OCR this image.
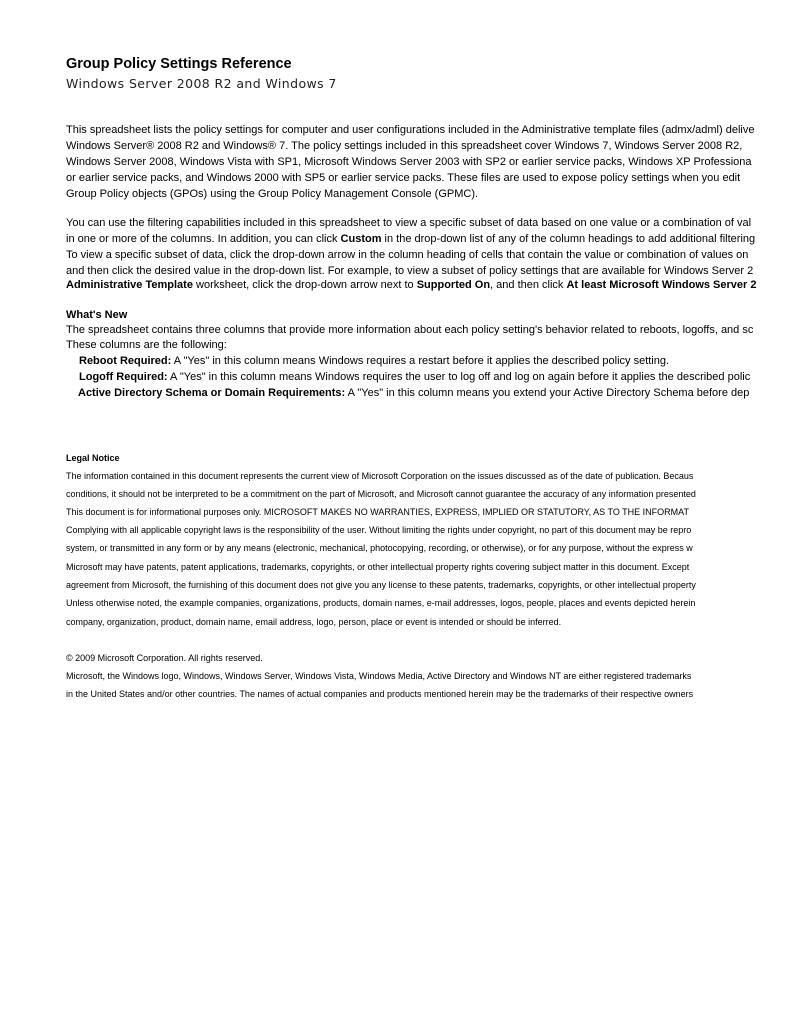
Group Policy Settings Reference
Windows Server 2008 R2 and Windows 7
This spreadsheet lists the policy settings for computer and user configurations included in the Administrative template files (admx/adml) delive
Windows Server® 2008 R2 and Windows® 7. The policy settings included in this spreadsheet cover Windows 7, Windows Server 2008 R2,
Windows Server 2008, Windows Vista with SP1, Microsoft Windows Server 2003 with SP2 or earlier service packs, Windows XP Professiona
or earlier service packs, and Windows 2000 with SP5 or earlier service packs. These files are used to expose policy settings when you edit
Group Policy objects (GPOs) using the Group Policy Management Console (GPMC).
You can use the filtering capabilities included in this spreadsheet to view a specific subset of data based on one value or a combination of val
in one or more of the columns. In addition, you can click Custom in the drop-down list of any of the column headings to add additional filtering
To view a specific subset of data, click the drop-down arrow in the column heading of cells that contain the value or combination of values on
and then click the desired value in the drop-down list. For example, to view a subset of policy settings that are available for Windows Server 2
Administrative Template worksheet, click the drop-down arrow next to Supported On, and then click At least Microsoft Windows Server 2
What's New
The spreadsheet contains three columns that provide more information about each policy setting's behavior related to reboots, logoffs, and sc
These columns are the following:
Reboot Required: A "Yes" in this column means Windows requires a restart before it applies the described policy setting.
Logoff Required: A "Yes" in this column means Windows requires the user to log off and log on again before it applies the described polic
Active Directory Schema or Domain Requirements: A "Yes" in this column means you extend your Active Directory Schema before dep
Legal Notice
The information contained in this document represents the current view of Microsoft Corporation on the issues discussed as of the date of publication. Becaus
conditions, it should not be interpreted to be a commitment on the part of Microsoft, and Microsoft cannot guarantee the accuracy of any information presented
This document is for informational purposes only. MICROSOFT MAKES NO WARRANTIES, EXPRESS, IMPLIED OR STATUTORY, AS TO THE INFORMAT
Complying with all applicable copyright laws is the responsibility of the user. Without limiting the rights under copyright, no part of this document may be repro
system, or transmitted in any form or by any means (electronic, mechanical, photocopying, recording, or otherwise), or for any purpose, without the express w
Microsoft may have patents, patent applications, trademarks, copyrights, or other intellectual property rights covering subject matter in this document. Except
agreement from Microsoft, the furnishing of this document does not give you any license to these patents, trademarks, copyrights, or other intellectual property
Unless otherwise noted, the example companies, organizations, products, domain names, e-mail addresses, logos, people, places and events depicted herein
company, organization, product, domain name, email address, logo, person, place or event is intended or should be inferred.
© 2009 Microsoft Corporation. All rights reserved.
Microsoft, the Windows logo, Windows, Windows Server, Windows Vista, Windows Media, Active Directory and Windows NT are either registered trademarks
in the United States and/or other countries. The names of actual companies and products mentioned herein may be the trademarks of their respective owners
